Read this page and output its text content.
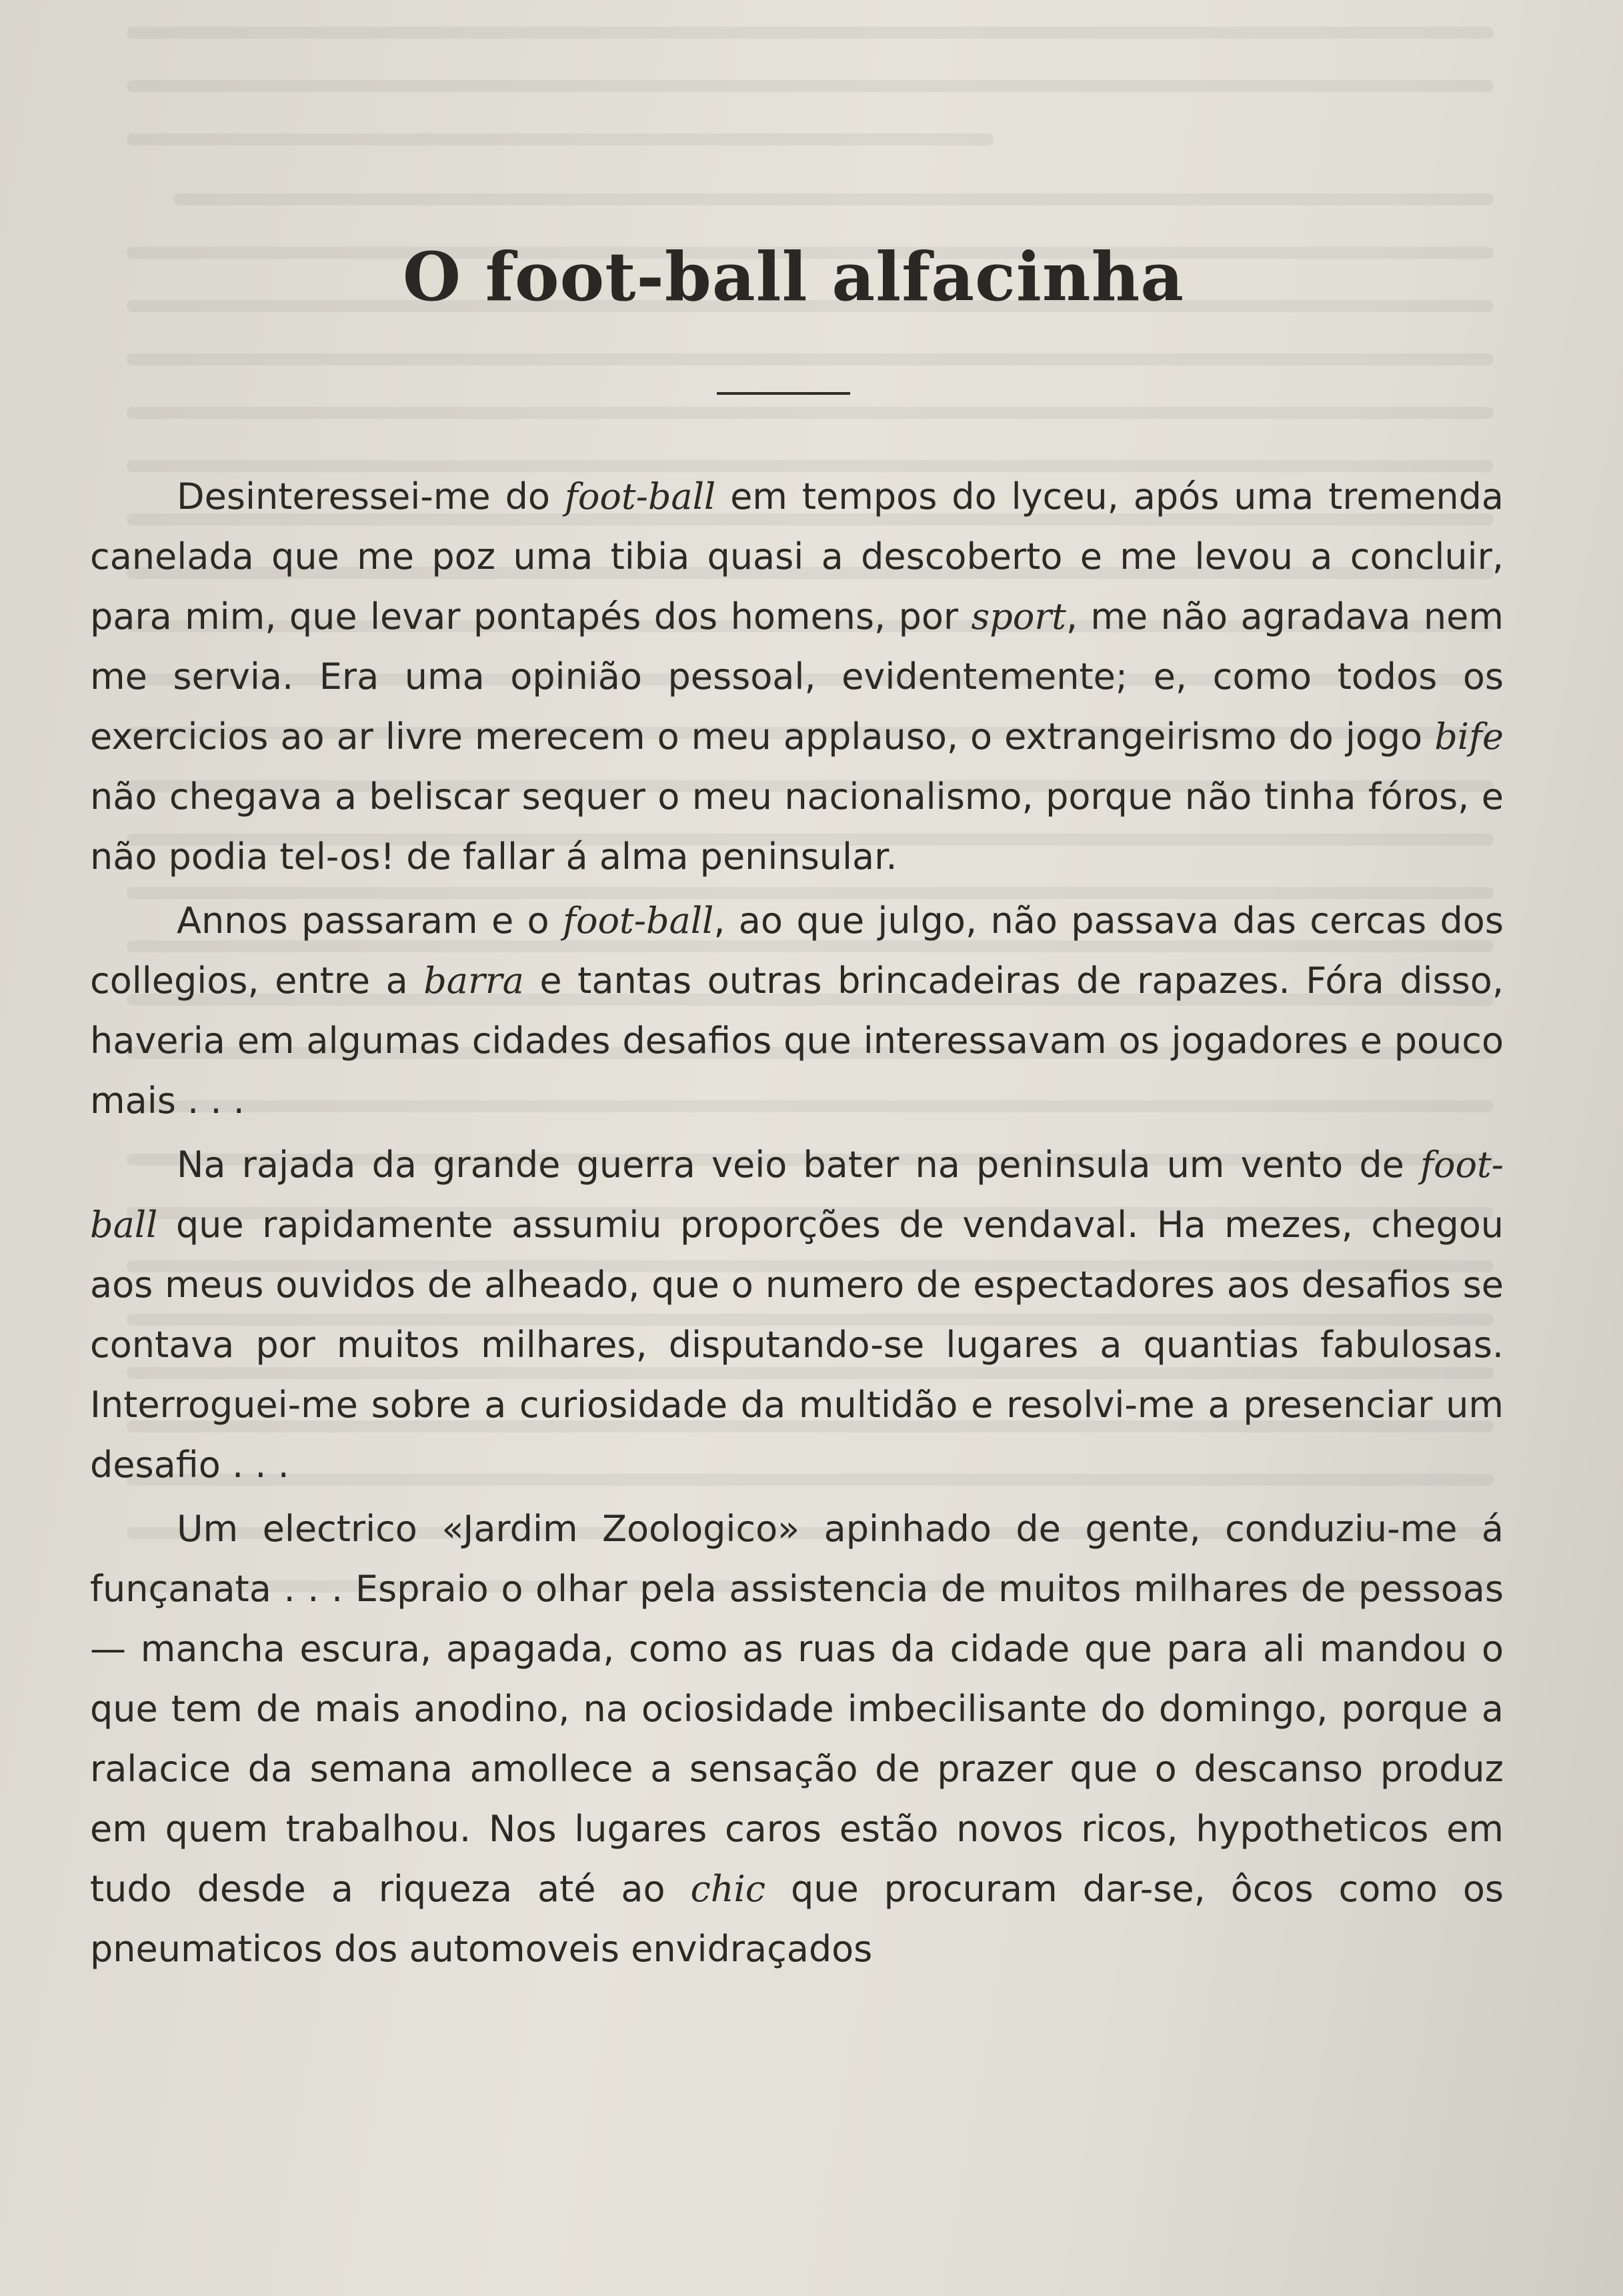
O foot-ball alfacinha

Desinteressei-me do foot-ball em tempos do lyceu, após uma tremenda canelada que me poz uma tibia quasi a descoberto e me levou a concluir, para mim, que levar pontapés dos homens, por sport, me não agradava nem me servia. Era uma opinião pessoal, evidentemente; e, como todos os exercicios ao ar livre merecem o meu applauso, o extrangeirismo do jogo bife não chegava a beliscar sequer o meu nacionalismo, porque não tinha fóros, e não podia tel-os! de fallar á alma peninsular.

Annos passaram e o foot-ball, ao que julgo, não passava das cercas dos collegios, entre a barra e tantas outras brincadeiras de rapazes. Fóra disso, haveria em algumas cidades desafios que interessavam os jogadores e pouco mais . . .

Na rajada da grande guerra veio bater na peninsula um vento de foot-ball que rapidamente assumiu proporções de vendaval. Ha mezes, chegou aos meus ouvidos de alheado, que o numero de espectadores aos desafios se contava por muitos milhares, disputando-se lugares a quantias fabulosas. Interroguei-me sobre a curiosidade da multidão e resolvi-me a presenciar um desafio . . .

Um electrico «Jardim Zoologico» apinhado de gente, conduziu-me á funçanata . . . Espraio o olhar pela assistencia de muitos milhares de pessoas — mancha escura, apagada, como as ruas da cidade que para ali mandou o que tem de mais anodino, na ociosidade imbecilisante do domingo, porque a ralacice da semana amollece a sensação de prazer que o descanso produz em quem trabalhou. Nos lugares caros estão novos ricos, hypotheticos em tudo desde a riqueza até ao chic que procuram dar-se, ôcos como os pneumaticos dos automoveis envidraçados
